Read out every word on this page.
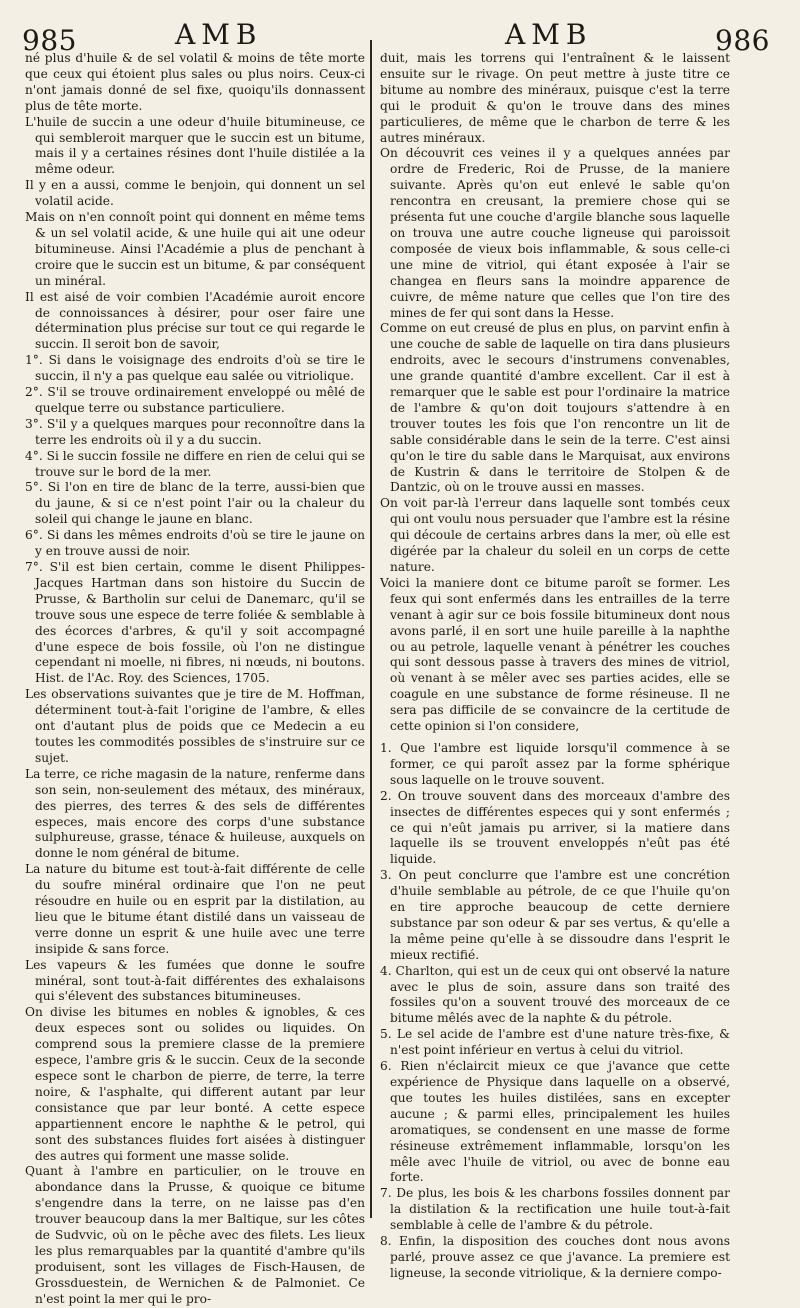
985	AMB	AMB	986

né plus d'huile & de sel volatil & moins de tête morte que ceux qui étoient plus sales ou plus noirs. Ceux-ci n'ont jamais donné de sel fixe, quoiqu'ils donnassent plus de tête morte.

L'huile de succin a une odeur d'huile bitumineuse, ce qui sembleroit marquer que le succin est un bitume, mais il y a certaines résines dont l'huile distilée a la même odeur.

Il y en a aussi, comme le benjoin, qui donnent un sel volatil acide.

Mais on n'en connoît point qui donnent en même tems & un sel volatil acide, & une huile qui ait une odeur bitumineuse. Ainsi l'Académie a plus de penchant à croire que le succin est un bitume, & par conséquent un minéral.

Il est aisé de voir combien l'Académie auroit encore de connoissances à désirer, pour oser faire une détermination plus précise sur tout ce qui regarde le succin. Il seroit bon de savoir,

1°. Si dans le voisignage des endroits d'où se tire le succin, il n'y a pas quelque eau salée ou vitriolique.

2°. S'il se trouve ordinairement enveloppé ou mêlé de quelque terre ou substance particuliere.

3°. S'il y a quelques marques pour reconnoître dans la terre les endroits où il y a du succin.

4°. Si le succin fossile ne differe en rien de celui qui se trouve sur le bord de la mer.

5°. Si l'on en tire de blanc de la terre, aussi-bien que du jaune, & si ce n'est point l'air ou la chaleur du soleil qui change le jaune en blanc.

6°. Si dans les mêmes endroits d'où se tire le jaune on y en trouve aussi de noir.

7°. S'il est bien certain, comme le disent Philippes-Jacques Hartman dans son histoire du Succin de Prusse, & Bartholin sur celui de Danemarc, qu'il se trouve sous une espece de terre foliée & semblable à des écorces d'arbres, & qu'il y soit accompagné d'une espece de bois fossile, où l'on ne distingue cependant ni moelle, ni fibres, ni nœuds, ni boutons. Hist. de l'Ac. Roy. des Sciences, 1705.

Les observations suivantes que je tire de M. Hoffman, déterminent tout-à-fait l'origine de l'ambre, & elles ont d'autant plus de poids que ce Medecin a eu toutes les commodités possibles de s'instruire sur ce sujet.

La terre, ce riche magasin de la nature, renferme dans son sein, non-seulement des métaux, des minéraux, des pierres, des terres & des sels de différentes especes, mais encore des corps d'une substance sulphureuse, grasse, ténace & huileuse, auxquels on donne le nom général de bitume.

La nature du bitume est tout-à-fait différente de celle du soufre minéral ordinaire que l'on ne peut résoudre en huile ou en esprit par la distilation, au lieu que le bitume étant distilé dans un vaisseau de verre donne un esprit & une huile avec une terre insipide & sans force.

Les vapeurs & les fumées que donne le soufre minéral, sont tout-à-fait différentes des exhalaisons qui s'élevent des substances bitumineuses.

On divise les bitumes en nobles & ignobles, & ces deux especes sont ou solides ou liquides. On comprend sous la premiere classe de la premiere espece, l'ambre gris & le succin. Ceux de la seconde espece sont le charbon de pierre, de terre, la terre noire, & l'asphalte, qui different autant par leur consistance que par leur bonté. A cette espece appartiennent encore le naphthe & le petrol, qui sont des substances fluides fort aisées à distinguer des autres qui forment une masse solide.

Quant à l'ambre en particulier, on le trouve en abondance dans la Prusse, & quoique ce bitume s'engendre dans la terre, on ne laisse pas d'en trouver beaucoup dans la mer Baltique, sur les côtes de Sudvvic, où on le pêche avec des filets. Les lieux les plus remarquables par la quantité d'ambre qu'ils produisent, sont les villages de Fisch-Hausen, de Grossduestein, de Wernichen & de Palmoniet. Ce n'est point la mer qui le pro-

duit, mais les torrens qui l'entraînent & le laissent ensuite sur le rivage. On peut mettre à juste titre ce bitume au nombre des minéraux, puisque c'est la terre qui le produit & qu'on le trouve dans des mines particulieres, de même que le charbon de terre & les autres minéraux.

On découvrit ces veines il y a quelques années par ordre de Frederic, Roi de Prusse, de la maniere suivante. Après qu'on eut enlevé le sable qu'on rencontra en creusant, la premiere chose qui se présenta fut une couche d'argile blanche sous laquelle on trouva une autre couche ligneuse qui paroissoit composée de vieux bois inflammable, & sous celle-ci une mine de vitriol, qui étant exposée à l'air se changea en fleurs sans la moindre apparence de cuivre, de même nature que celles que l'on tire des mines de fer qui sont dans la Hesse.

Comme on eut creusé de plus en plus, on parvint enfin à une couche de sable de laquelle on tira dans plusieurs endroits, avec le secours d'instrumens convenables, une grande quantité d'ambre excellent. Car il est à remarquer que le sable est pour l'ordinaire la matrice de l'ambre & qu'on doit toujours s'attendre à en trouver toutes les fois que l'on rencontre un lit de sable considérable dans le sein de la terre. C'est ainsi qu'on le tire du sable dans le Marquisat, aux environs de Kustrin & dans le territoire de Stolpen & de Dantzic, où on le trouve aussi en masses.

On voit par-là l'erreur dans laquelle sont tombés ceux qui ont voulu nous persuader que l'ambre est la résine qui découle de certains arbres dans la mer, où elle est digérée par la chaleur du soleil en un corps de cette nature.

Voici la maniere dont ce bitume paroît se former. Les feux qui sont enfermés dans les entrailles de la terre venant à agir sur ce bois fossile bitumineux dont nous avons parlé, il en sort une huile pareille à la naphthe ou au petrole, laquelle venant à pénétrer les couches qui sont dessous passe à travers des mines de vitriol, où venant à se mêler avec ses parties acides, elle se coagule en une substance de forme résineuse. Il ne sera pas difficile de se convaincre de la certitude de cette opinion si l'on considere,

1. Que l'ambre est liquide lorsqu'il commence à se former, ce qui paroît assez par la forme sphérique sous laquelle on le trouve souvent.

2. On trouve souvent dans des morceaux d'ambre des insectes de différentes especes qui y sont enfermés ; ce qui n'eût jamais pu arriver, si la matiere dans laquelle ils se trouvent enveloppés n'eût pas été liquide.

3. On peut conclurre que l'ambre est une concrétion d'huile semblable au pétrole, de ce que l'huile qu'on en tire approche beaucoup de cette derniere substance par son odeur & par ses vertus, & qu'elle a la même peine qu'elle à se dissoudre dans l'esprit le mieux rectifié.

4. Charlton, qui est un de ceux qui ont observé la nature avec le plus de soin, assure dans son traité des fossiles qu'on a souvent trouvé des morceaux de ce bitume mêlés avec de la naphte & du pétrole.

5. Le sel acide de l'ambre est d'une nature très-fixe, & n'est point inférieur en vertus à celui du vitriol.

6. Rien n'éclaircit mieux ce que j'avance que cette expérience de Physique dans laquelle on a observé, que toutes les huiles distilées, sans en excepter aucune ; & parmi elles, principalement les huiles aromatiques, se condensent en une masse de forme résineuse extrêmement inflammable, lorsqu'on les mêle avec l'huile de vitriol, ou avec de bonne eau forte.

7. De plus, les bois & les charbons fossiles donnent par la distilation & la rectification une huile tout-à-fait semblable à celle de l'ambre & du pétrole.

8. Enfin, la disposition des couches dont nous avons parlé, prouve assez ce que j'avance. La premiere est ligneuse, la seconde vitriolique, & la derniere compo-
